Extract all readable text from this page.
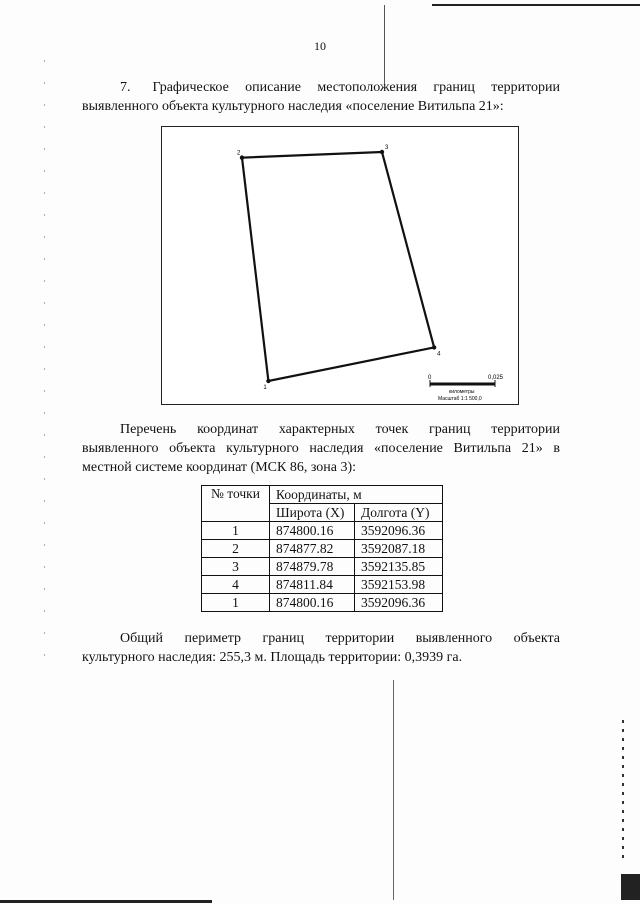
10
7. Графическое описание местоположения границ территории
выявленного объекта культурного наследия «поселение Витильпа 21»:
1
2
3
4
0	0,025
километры
Масштаб 1:1 500,0
Перечень координат характерных точек границ территории
выявленного объекта культурного наследия «поселение Витильпа 21» в
местной системе координат (МСК 86, зона 3):
№ точки	Координаты, м	
	Широта (X)	Долгота (Y)
1	874800.16	3592096.36
2	874877.82	3592087.18
3	874879.78	3592135.85
4	874811.84	3592153.98
1	874800.16	3592096.36
Общий периметр границ территории выявленного объекта
культурного наследия: 255,3 м. Площадь территории: 0,3939 га.
